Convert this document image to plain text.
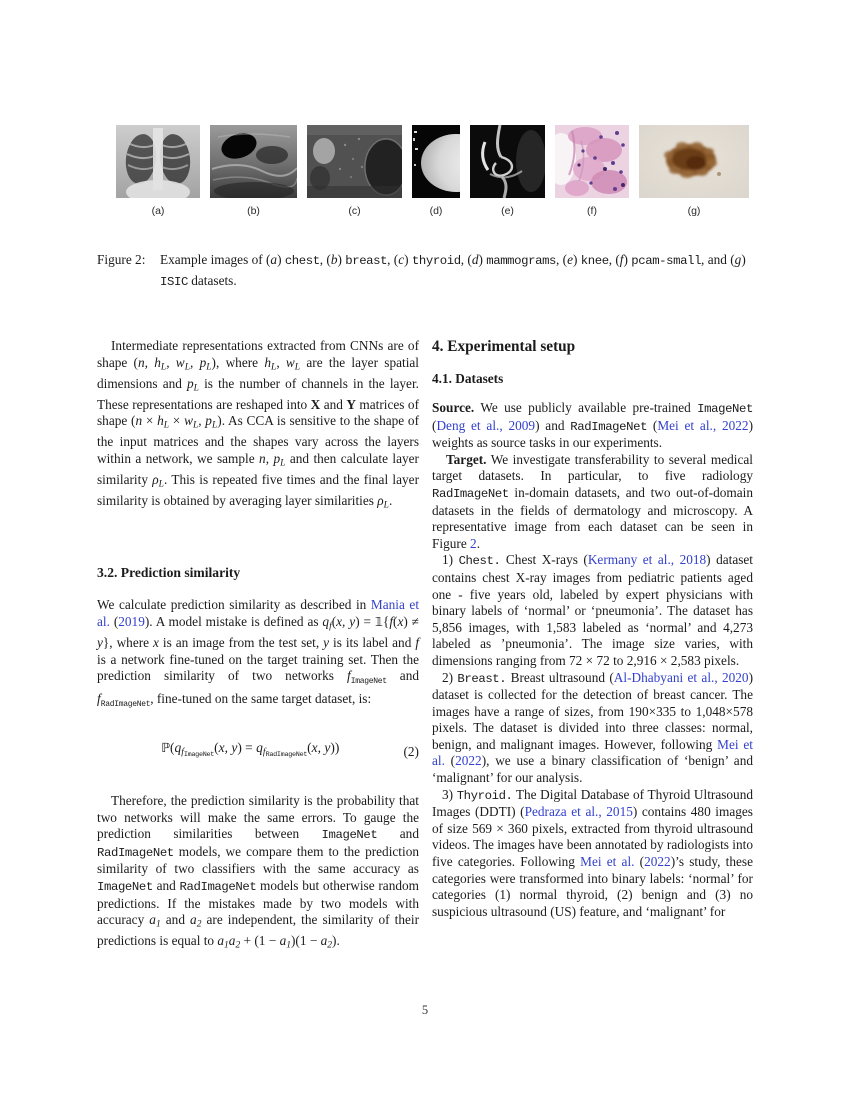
(a)	(b)	(c)	(d)	(e)	(f)	(g)
Figure 2:	Example images of (a) chest, (b) breast, (c) thyroid, (d) mammograms, (e) knee, (f) pcam-small, and (g) ISIC datasets.

Intermediate representations extracted from CNNs are of shape (n, hL, wL, pL), where hL, wL are the layer spatial dimensions and pL is the number of channels in the layer. These representations are reshaped into X and Y matrices of shape (n × hL × wL, pL). As CCA is sensitive to the shape of the input matrices and the shapes vary across the layers within a network, we sample n, pL and then calculate layer similarity ρL. This is repeated five times and the final layer similarity is obtained by averaging layer similarities ρL.

3.2. Prediction similarity

We calculate prediction similarity as described in Mania et al. (2019). A model mistake is defined as qf(x, y) = 𝟙{f(x) ≠ y}, where x is an image from the test set, y is its label and f is a network fine-tuned on the target training set. Then the prediction similarity of two networks $f_{ImageNet}$ and $f_{RadImageNet}$, fine-tuned on the same target dataset, is:

$ℙ(qf_{ImageNet}(x$, $y) = qf_{RadImageNet}(x$, y))	(2)

Therefore, the prediction similarity is the probability that two networks will make the same errors. To gauge the prediction similarities between ImageNet and RadImageNet models, we compare them to the prediction similarity of two classifiers with the same accuracy as ImageNet and RadImageNet models but otherwise random predictions. If the mistakes made by two models with accuracy a1 and a2 are independent, the similarity of their predictions is equal to a1a2 + (1 − a1)(1 − a2).

4. Experimental setup
4.1. Datasets

Source. We use publicly available pre-trained ImageNet (Deng et al., 2009) and RadImageNet (Mei et al., 2022) weights as source tasks in our experiments.

Target. We investigate transferability to several medical target datasets. In particular, to five radiology RadImageNet in-domain datasets, and two out-of-domain datasets in the fields of dermatology and microscopy. A representative image from each dataset can be seen in Figure 2.

1) Chest. Chest X-rays (Kermany et al., 2018) dataset contains chest X-ray images from pediatric patients aged one - five years old, labeled by expert physicians with binary labels of ‘normal’ or ‘pneumonia’. The dataset has 5,856 images, with 1,583 labeled as ‘normal’ and 4,273 labeled as ’pneumonia’. The image size varies, with dimensions ranging from 72 × 72 to 2,916 × 2,583 pixels.

2) Breast. Breast ultrasound (Al-Dhabyani et al., 2020) dataset is collected for the detection of breast cancer. The images have a range of sizes, from 190×335 to 1,048×578 pixels. The dataset is divided into three classes: normal, benign, and malignant images. However, following Mei et al. (2022), we use a binary classification of ‘benign’ and ‘malignant’ for our analysis.

3) Thyroid. The Digital Database of Thyroid Ultrasound Images (DDTI) (Pedraza et al., 2015) contains 480 images of size 569 × 360 pixels, extracted from thyroid ultrasound videos. The images have been annotated by radiologists into five categories. Following Mei et al. (2022)’s study, these categories were transformed into binary labels: ‘normal’ for categories (1) normal thyroid, (2) benign and (3) no suspicious ultrasound (US) feature, and ‘malignant’ for

5
